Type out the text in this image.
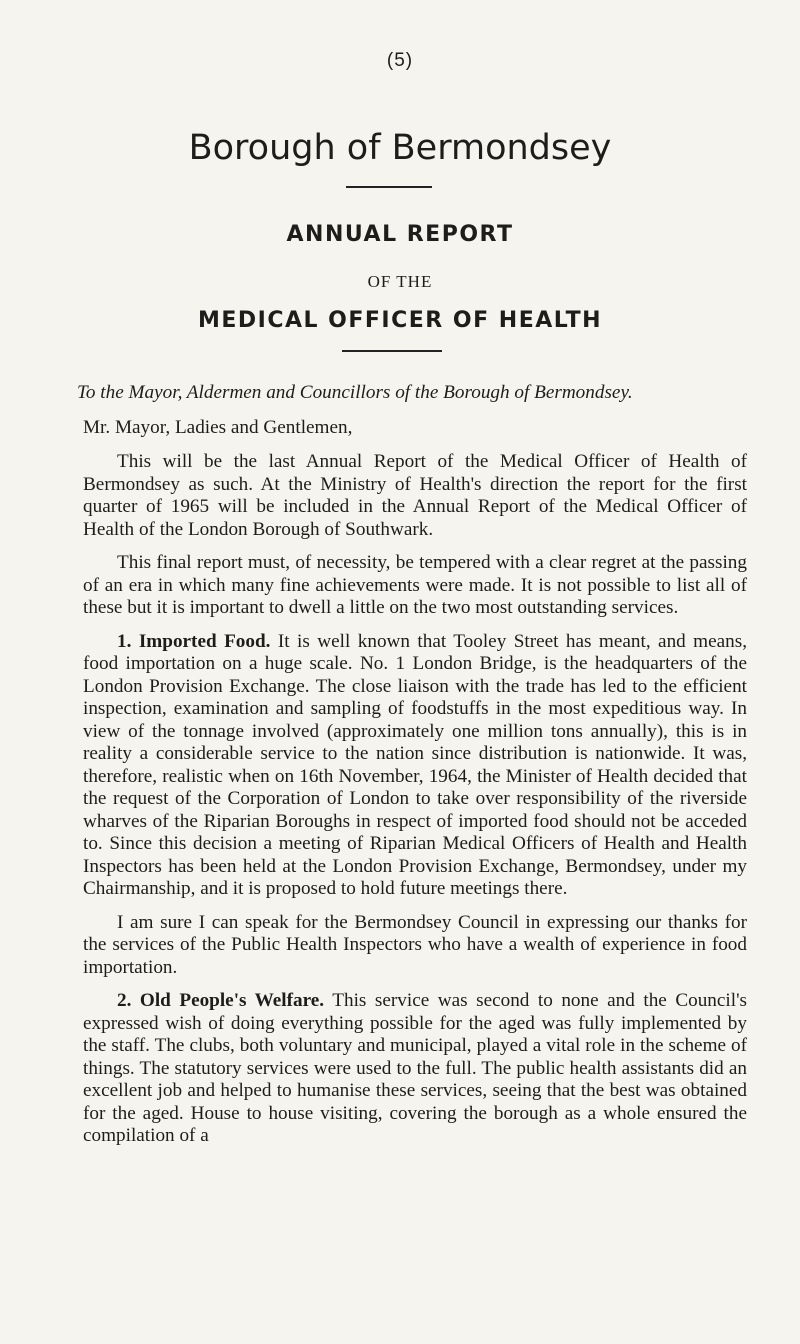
(5)
Borough of Bermondsey
ANNUAL REPORT
OF THE
MEDICAL OFFICER OF HEALTH

To the Mayor, Aldermen and Councillors of the Borough of Bermondsey.

Mr. Mayor, Ladies and Gentlemen,

This will be the last Annual Report of the Medical Officer of Health of Bermondsey as such. At the Ministry of Health's direction the report for the first quarter of 1965 will be included in the Annual Report of the Medical Officer of Health of the London Borough of Southwark.

This final report must, of necessity, be tempered with a clear regret at the passing of an era in which many fine achievements were made. It is not possible to list all of these but it is important to dwell a little on the two most outstanding services.

1. Imported Food. It is well known that Tooley Street has meant, and means, food importation on a huge scale. No. 1 London Bridge, is the headquarters of the London Provision Exchange. The close liaison with the trade has led to the efficient inspection, examination and sampling of foodstuffs in the most expeditious way. In view of the tonnage involved (approximately one million tons annually), this is in reality a considerable service to the nation since distribution is nationwide. It was, therefore, realistic when on 16th November, 1964, the Minister of Health decided that the request of the Corporation of London to take over responsibility of the riverside wharves of the Riparian Boroughs in respect of imported food should not be acceded to. Since this decision a meeting of Riparian Medical Officers of Health and Health Inspectors has been held at the London Provision Exchange, Bermondsey, under my Chairmanship, and it is proposed to hold future meetings there.

I am sure I can speak for the Bermondsey Council in expressing our thanks for the services of the Public Health Inspectors who have a wealth of experience in food importation.

2. Old People's Welfare. This service was second to none and the Council's expressed wish of doing everything possible for the aged was fully implemented by the staff. The clubs, both voluntary and municipal, played a vital role in the scheme of things. The statutory services were used to the full. The public health assistants did an excellent job and helped to humanise these services, seeing that the best was obtained for the aged. House to house visiting, covering the borough as a whole ensured the compilation of a
